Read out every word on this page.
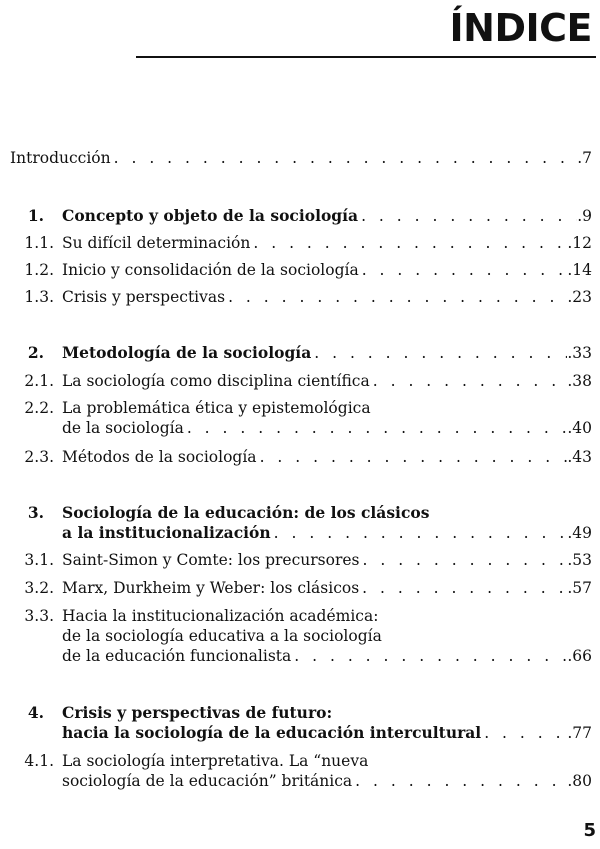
ÍNDICE
Introducción . . .	.7
1. Concepto y objeto de la sociología . . .	.9
1.1. Su difícil determinación . . .	.12
1.2. Inicio y consolidación de la sociología . . .	.14
1.3. Crisis y perspectivas . . .	.23
2. Metodología de la sociología . . .	.33
2.1. La sociología como disciplina científica . . .	.38
2.2. La problemática ética y epistemológica
de la sociología . . .	.40
2.3. Métodos de la sociología . . .	.43
3. Sociología de la educación: de los clásicos
a la institucionalización . . .	.49
3.1. Saint-Simon y Comte: los precursores . . .	.53
3.2. Marx, Durkheim y Weber: los clásicos . . .	.57
3.3. Hacia la institucionalización académica:
de la sociología educativa a la sociología
de la educación funcionalista . . .	.66
4. Crisis y perspectivas de futuro:
hacia la sociología de la educación intercultural . . .	.77
4.1. La sociología interpretativa. La “nueva
sociología de la educación” británica . . .	.80
5
